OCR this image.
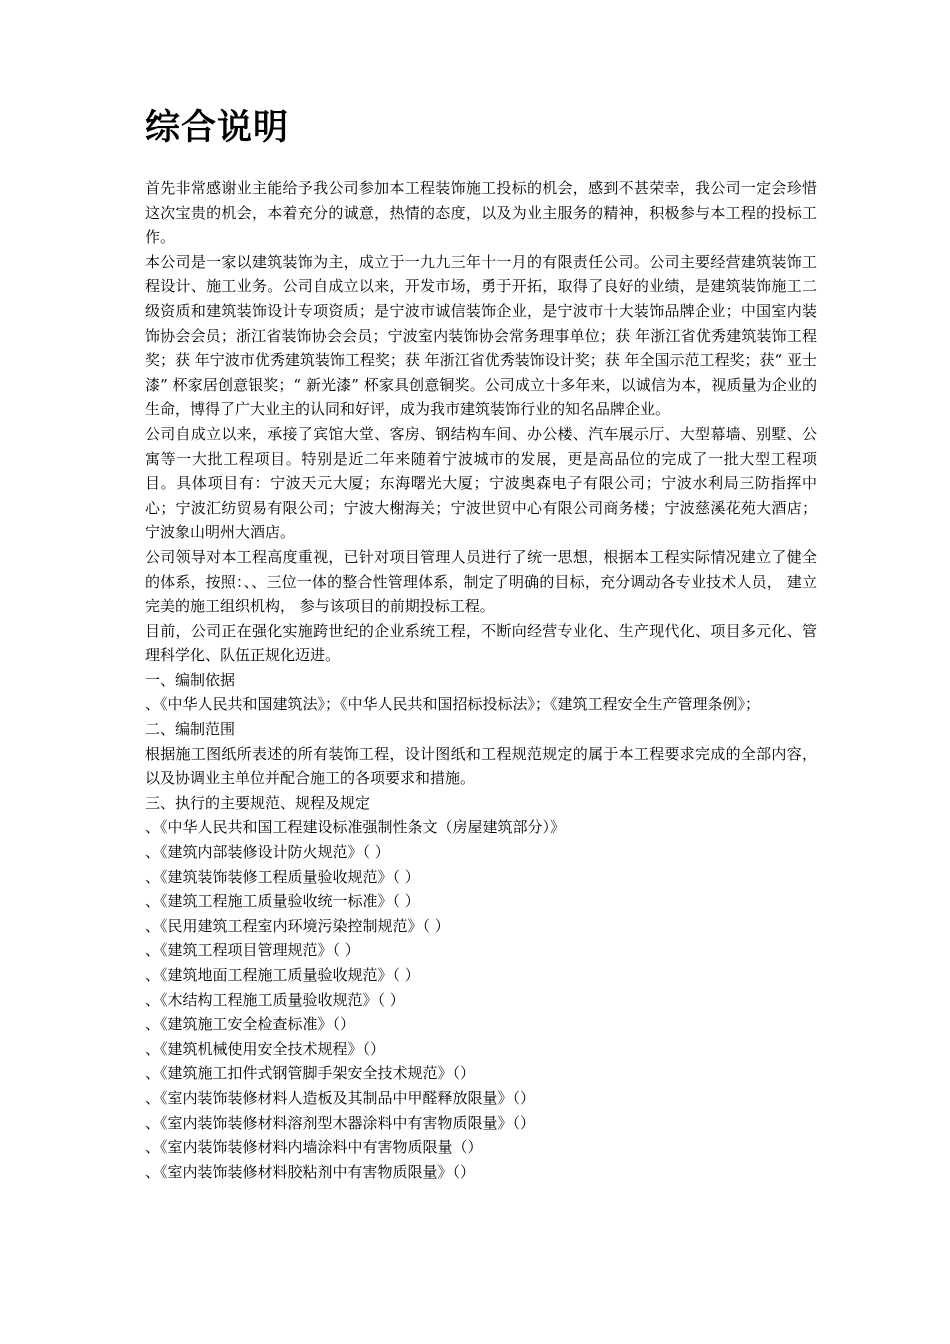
综合说明

首先非常感谢业主能给予我公司参加本工程装饰施工投标的机会，感到不甚荣幸，我公司一定会珍惜这次宝贵的机会，本着充分的诚意，热情的态度，以及为业主服务的精神，积极参与本工程的投标工作。

本公司是一家以建筑装饰为主，成立于一九九三年十一月的有限责任公司。公司主要经营建筑装饰工程设计、施工业务。公司自成立以来，开发市场，勇于开拓，取得了良好的业绩，是建筑装饰施工二级资质和建筑装饰设计专项资质；是宁波市诚信装饰企业，是宁波市十大装饰品牌企业；中国室内装饰协会会员；浙江省装饰协会会员；宁波室内装饰协会常务理事单位；获 年浙江省优秀建筑装饰工程奖；获 年宁波市优秀建筑装饰工程奖；获 年浙江省优秀装饰设计奖；获 年全国示范工程奖；获“ 亚士漆” 杯家居创意银奖；“ 新光漆” 杯家具创意铜奖。公司成立十多年来，以诚信为本，视质量为企业的生命，博得了广大业主的认同和好评，成为我市建筑装饰行业的知名品牌企业。

公司自成立以来，承接了宾馆大堂、客房、钢结构车间、办公楼、汽车展示厅、大型幕墙、别墅、公寓等一大批工程项目。特别是近二年来随着宁波城市的发展，更是高品位的完成了一批大型工程项目。具体项目有：宁波天元大厦；东海曙光大厦；宁波奥森电子有限公司；宁波水利局三防指挥中心；宁波汇纺贸易有限公司；宁波大榭海关；宁波世贸中心有限公司商务楼；宁波慈溪花苑大酒店； 宁波象山明州大酒店。

公司领导对本工程高度重视，已针对项目管理人员进行了统一思想，根据本工程实际情况建立了健全的体系，按照：、、三位一体的整合性管理体系，制定了明确的目标，充分调动各专业技术人员， 建立完美的施工组织机构， 参与该项目的前期投标工程。

目前，公司正在强化实施跨世纪的企业系统工程，不断向经营专业化、生产现代化、项目多元化、管理科学化、队伍正规化迈进。

一、编制依据

、《中华人民共和国建筑法》；《中华人民共和国招标投标法》；《建筑工程安全生产管理条例》；

二、编制范围

根据施工图纸所表述的所有装饰工程，设计图纸和工程规范规定的属于本工程要求完成的全部内容，以及协调业主单位并配合施工的各项要求和措施。

三、执行的主要规范、规程及规定

、《中华人民共和国工程建设标准强制性条文（房屋建筑部分）》

、《建筑内部装修设计防火规范》（ ）

、《建筑装饰装修工程质量验收规范》（ ）

、《建筑工程施工质量验收统一标准》（ ）

、《民用建筑工程室内环境污染控制规范》（ ）

、《建筑工程项目管理规范》（ ）

、《建筑地面工程施工质量验收规范》（ ）

、《木结构工程施工质量验收规范》（ ）

、《建筑施工安全检查标准》（）

、《建筑机械使用安全技术规程》（）

、《建筑施工扣件式钢管脚手架安全技术规范》（）

、《室内装饰装修材料人造板及其制品中甲醛释放限量》（）

、《室内装饰装修材料溶剂型木器涂料中有害物质限量》（）

、《室内装饰装修材料内墙涂料中有害物质限量（）

、《室内装饰装修材料胶粘剂中有害物质限量》（）
